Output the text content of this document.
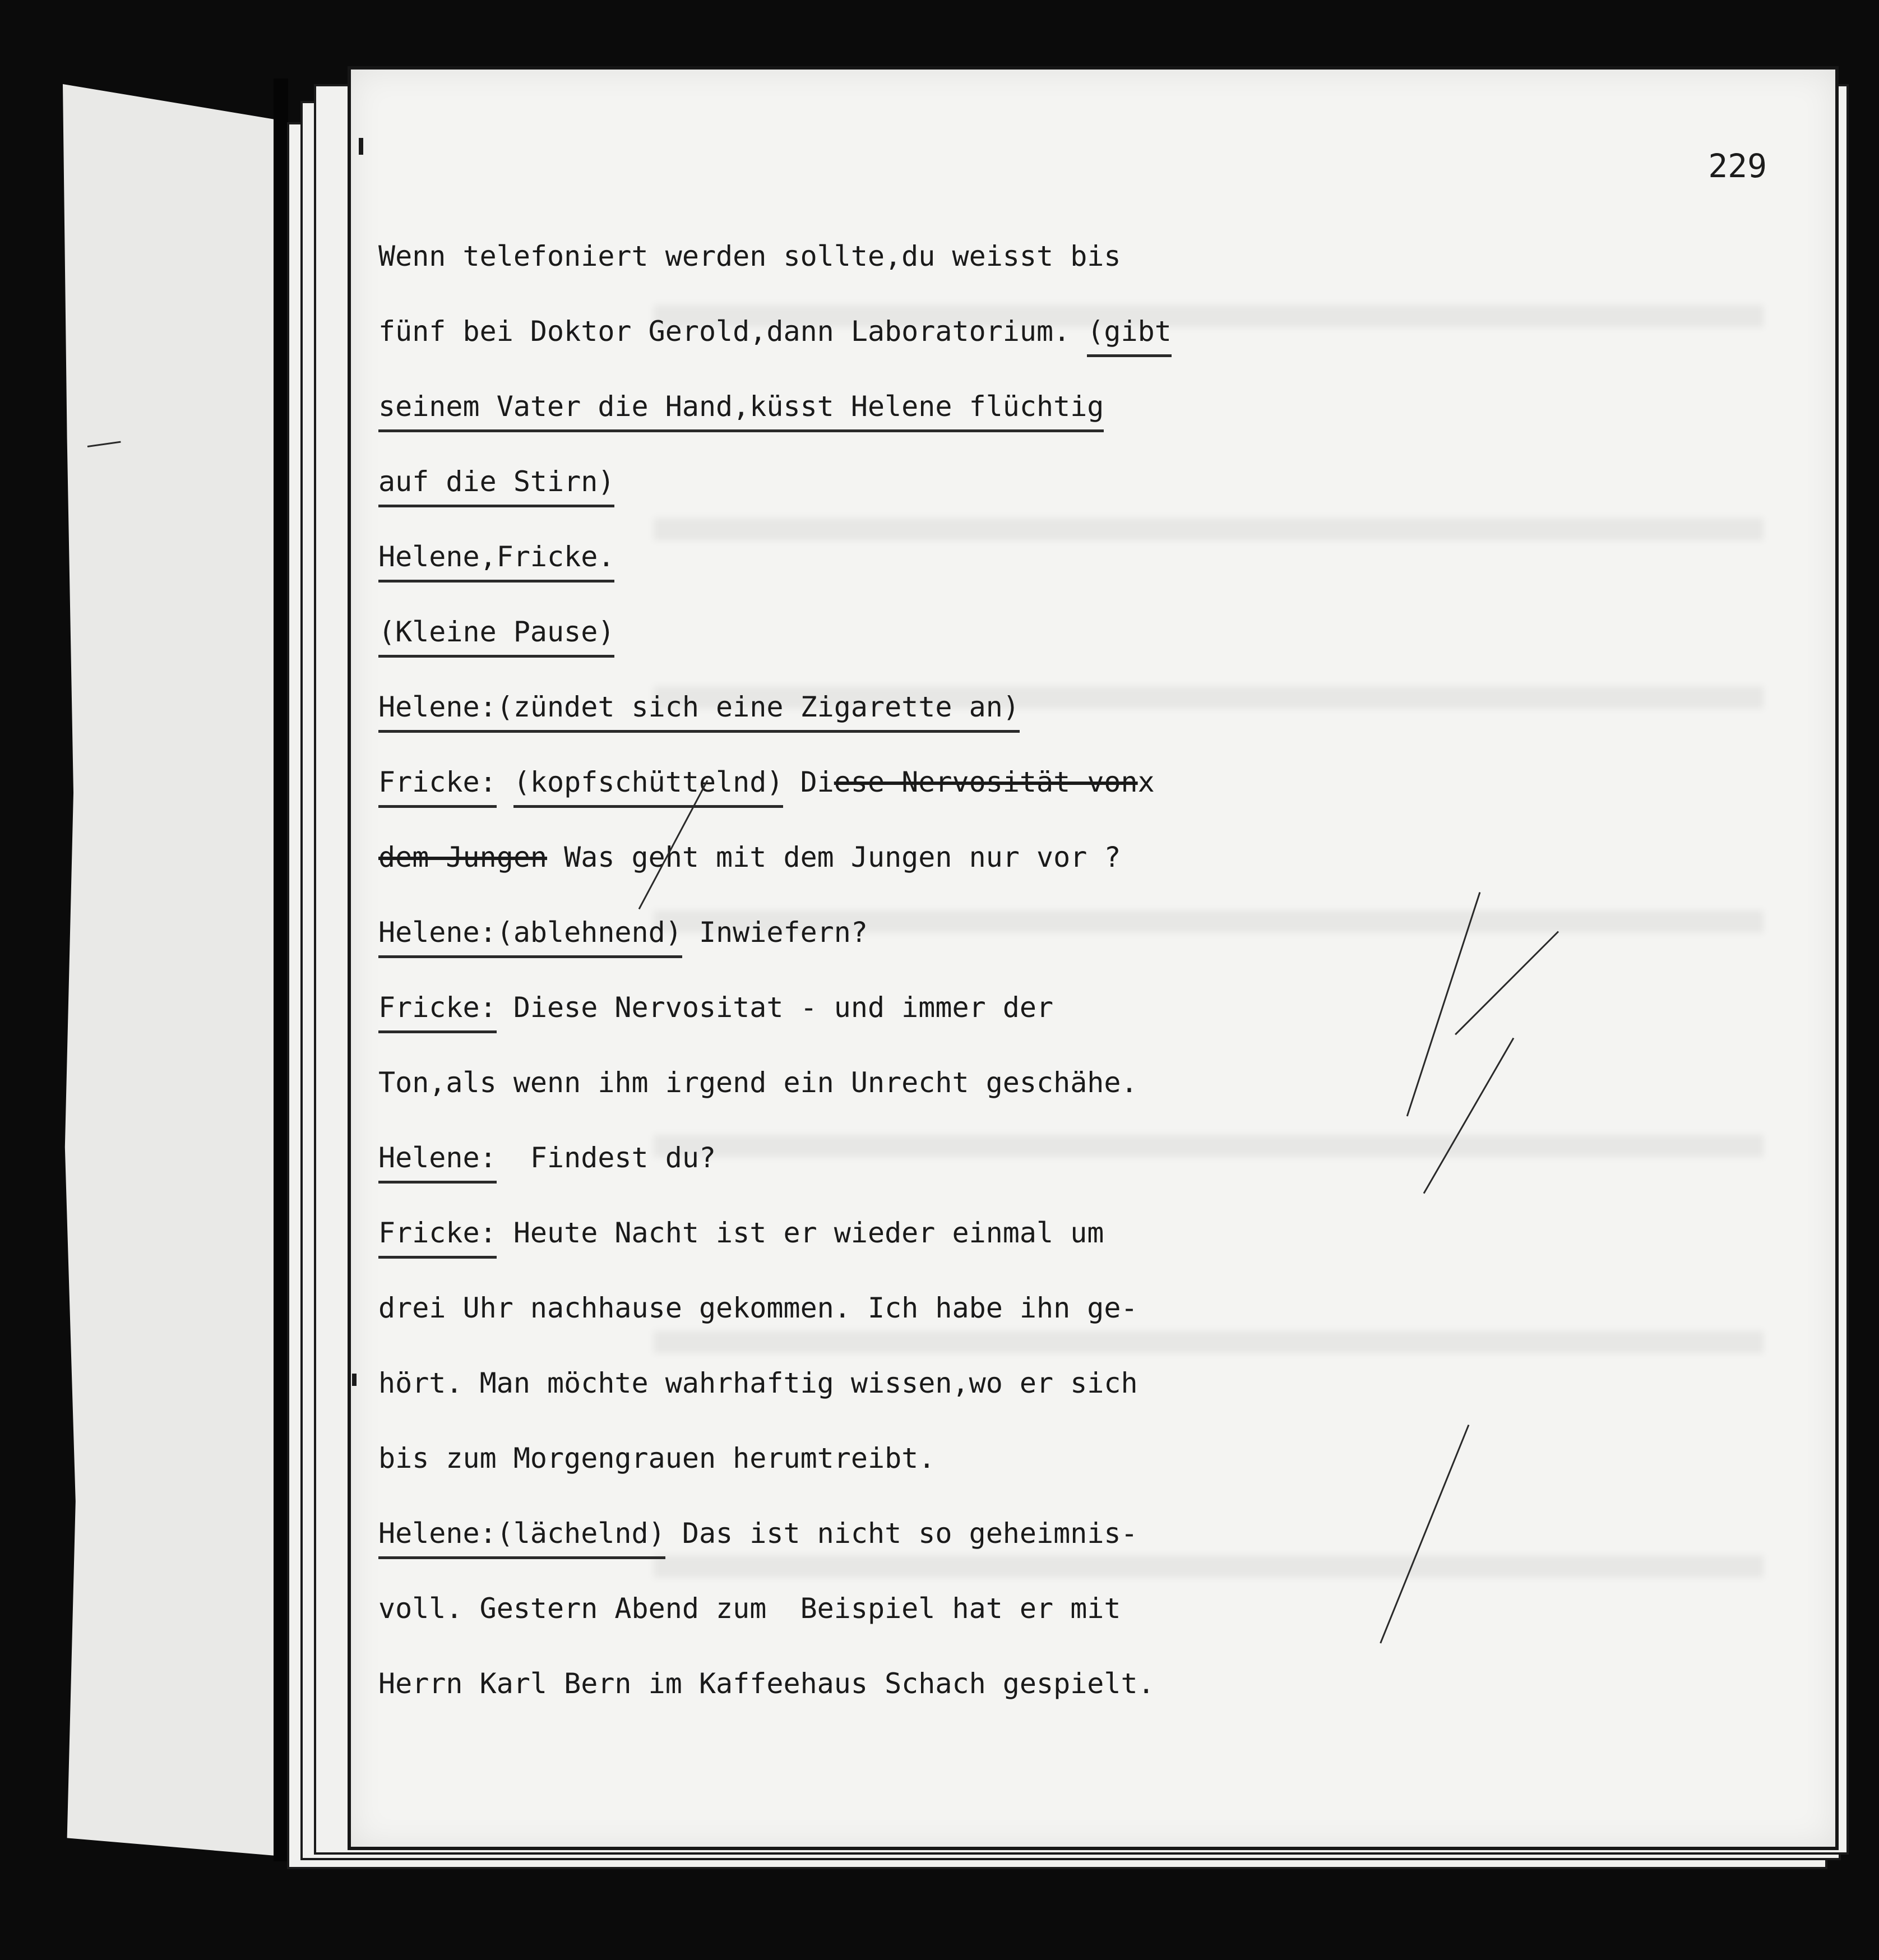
229

Wenn telefoniert werden sollte,du weisst bis
fünf bei Doktor Gerold,dann Laboratorium. (gibt
seinem Vater die Hand,küsst Helene flüchtig
auf die Stirn)
Helene,Fricke.
(Kleine Pause)
Helene:(zündet sich eine Zigarette an)
Fricke: (kopfschüttelnd) Diese Nervosität vonx
dem Jungen Was geht mit dem Jungen nur vor ?
Helene:(ablehnend) Inwiefern?
Fricke: Diese Nervositat - und immer der
Ton,als wenn ihm irgend ein Unrecht geschähe.
Helene:  Findest du?
Fricke: Heute Nacht ist er wieder einmal um
drei Uhr nachhause gekommen. Ich habe ihn ge-
hört. Man möchte wahrhaftig wissen,wo er sich
bis zum Morgengrauen herumtreibt.
Helene:(lächelnd) Das ist nicht so geheimnis-
voll. Gestern Abend zum  Beispiel hat er mit
Herrn Karl Bern im Kaffeehaus Schach gespielt.
